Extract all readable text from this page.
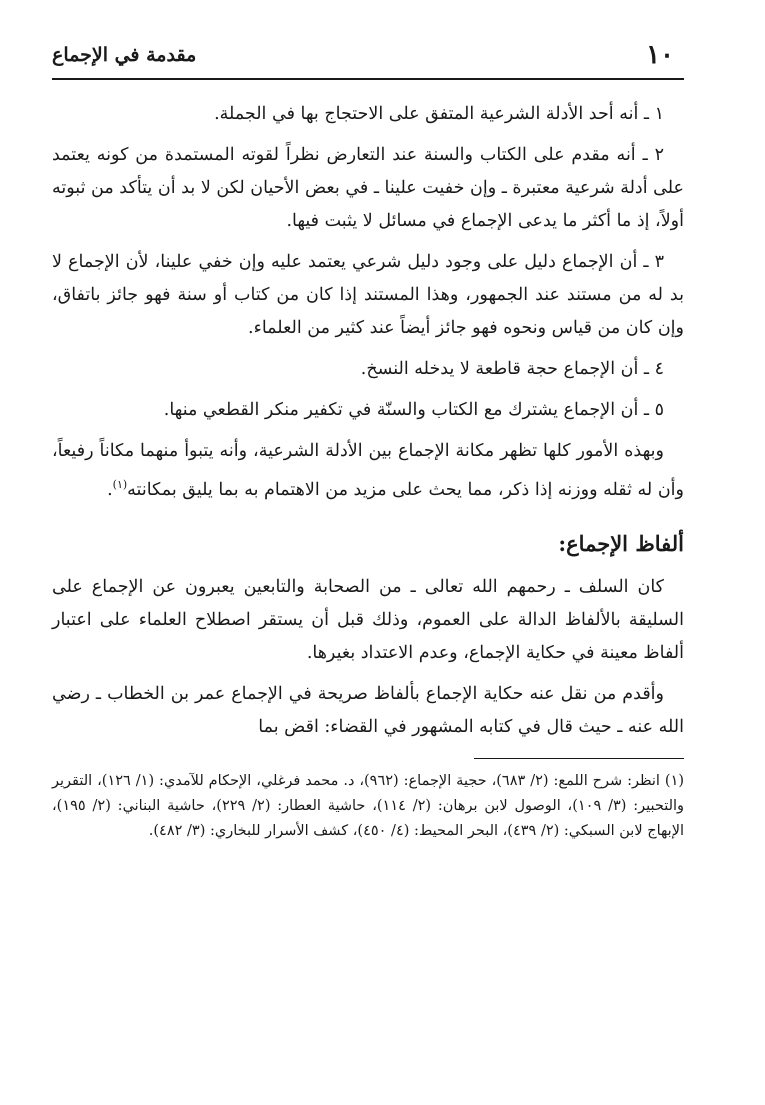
١٠
مقدمة في الإجماع

١ ـ أنه أحد الأدلة الشرعية المتفق على الاحتجاج بها في الجملة.

٢ ـ أنه مقدم على الكتاب والسنة عند التعارض نظراً لقوته المستمدة من كونه يعتمد على أدلة شرعية معتبرة ـ وإن خفيت علينا ـ في بعض الأحيان لكن لا بد أن يتأكد من ثبوته أولاً، إذ ما أكثر ما يدعى الإجماع في مسائل لا يثبت فيها.

٣ ـ أن الإجماع دليل على وجود دليل شرعي يعتمد عليه وإن خفي علينا، لأن الإجماع لا بد له من مستند عند الجمهور، وهذا المستند إذا كان من كتاب أو سنة فهو جائز باتفاق، وإن كان من قياس ونحوه فهو جائز أيضاً عند كثير من العلماء.

٤ ـ أن الإجماع حجة قاطعة لا يدخله النسخ.

٥ ـ أن الإجماع يشترك مع الكتاب والسنّة في تكفير منكر القطعي منها.

وبهذه الأمور كلها تظهر مكانة الإجماع بين الأدلة الشرعية، وأنه يتبوأ منهما مكاناً رفيعاً، وأن له ثقله ووزنه إذا ذكر، مما يحث على مزيد من الاهتمام به بما يليق بمكانته$^{(١)}$.

ألفاظ الإجماع:

كان السلف ـ رحمهم الله تعالى ـ من الصحابة والتابعين يعبرون عن الإجماع على السليقة بالألفاظ الدالة على العموم، وذلك قبل أن يستقر اصطلاح العلماء على اعتبار ألفاظ معينة في حكاية الإجماع، وعدم الاعتداد بغيرها.

وأقدم من نقل عنه حكاية الإجماع بألفاظ صريحة في الإجماع عمر بن الخطاب ـ رضي الله عنه ـ حيث قال في كتابه المشهور في القضاء: اقض بما

(١) انظر: شرح اللمع: (٢/ ٦٨٣)، حجية الإجماع: (٩٦٢)، د. محمد فرغلي، الإحكام للآمدي: (١/ ١٢٦)، التقرير والتحبير: (٣/ ١٠٩)، الوصول لابن برهان: (٢/ ١١٤)، حاشية العطار: (٢/ ٢٢٩)، حاشية البناني: (٢/ ١٩٥)، الإبهاج لابن السبكي: (٢/ ٤٣٩)، البحر المحيط: (٤/ ٤٥٠)، كشف الأسرار للبخاري: (٣/ ٤٨٢).
